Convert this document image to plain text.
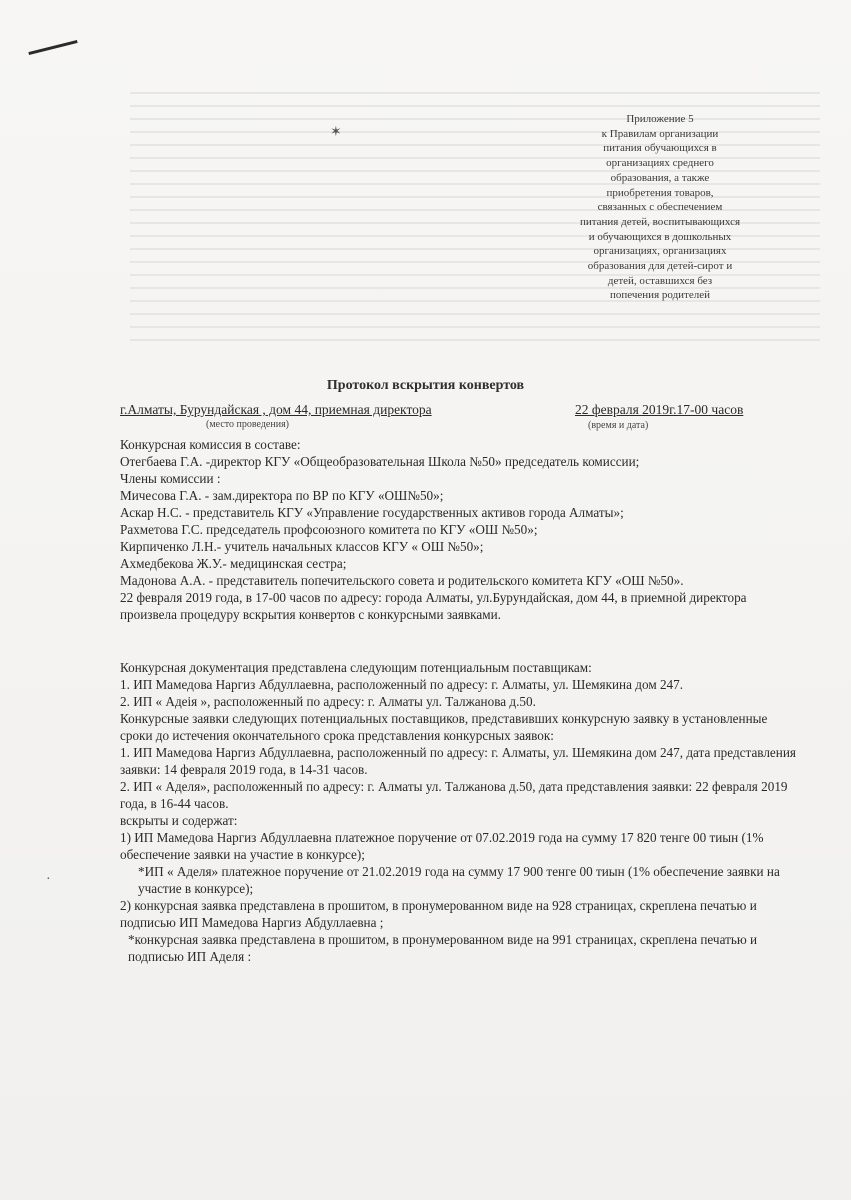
✶
·
Приложение 5
к Правилам организации
питания обучающихся в
организациях среднего
образования, а также
приобретения товаров,
связанных с обеспечением
питания детей, воспитывающихся
и обучающихся в дошкольных
организациях, организациях
образования для детей-сирот и
детей, оставшихся без
попечения родителей
Протокол вскрытия конвертов
г.Алматы, Бурундайская , дом 44, приемная директора
(место проведения)
22 февраля 2019г.17-00 часов
(время и дата)

Конкурсная комиссия в составе:

Отегбаева Г.А. -директор КГУ «Общеобразовательная Школа №50» председатель комиссии;

Члены комиссии :

Мичесова Г.А. - зам.директора по ВР по КГУ «ОШ№50»;

Аскар Н.С. - представитель КГУ «Управление государственных активов города Алматы»;

Рахметова Г.С. председатель профсоюзного комитета по КГУ «ОШ №50»;

Кирпиченко Л.Н.- учитель начальных классов КГУ « ОШ №50»;

Ахмедбекова Ж.У.- медицинская сестра;

Мадонова А.А. - представитель попечительского совета и родительского комитета КГУ «ОШ №50».

22 февраля 2019 года, в 17-00 часов по адресу: города Алматы, ул.Бурундайская, дом 44, в приемной директора произвела процедуру вскрытия конвертов с конкурсными заявками.

Конкурсная документация представлена следующим потенциальным поставщикам:

1. ИП Мамедова Наргиз Абдуллаевна, расположенный по адресу: г. Алматы, ул. Шемякина дом 247.

2. ИП « Адеія », расположенный по адресу: г. Алматы ул. Талжанова д.50.

Конкурсные заявки следующих потенциальных поставщиков, представивших конкурсную заявку в установленные сроки до истечения окончательного срока представления конкурсных заявок:

1. ИП Мамедова Наргиз Абдуллаевна, расположенный по адресу: г. Алматы, ул. Шемякина дом 247, дата представления заявки: 14 февраля 2019 года, в 14-31 часов.

2. ИП « Аделя», расположенный по адресу: г. Алматы ул. Талжанова д.50, дата представления заявки: 22 февраля 2019 года, в 16-44 часов.

вскрыты и содержат:

1) ИП Мамедова Наргиз Абдуллаевна платежное поручение от 07.02.2019 года на сумму 17 820 тенге 00 тиын (1% обеспечение заявки на участие в конкурсе);

*ИП « Аделя» платежное поручение от 21.02.2019 года на сумму 17 900 тенге 00 тиын (1% обеспечение заявки на участие в конкурсе);

2) конкурсная заявка представлена в прошитом, в пронумерованном виде на 928 страницах, скреплена печатью и подписью ИП Мамедова Наргиз Абдуллаевна ;

*конкурсная заявка представлена в прошитом, в пронумерованном виде на 991 страницах, скреплена печатью и подписью ИП Аделя :
